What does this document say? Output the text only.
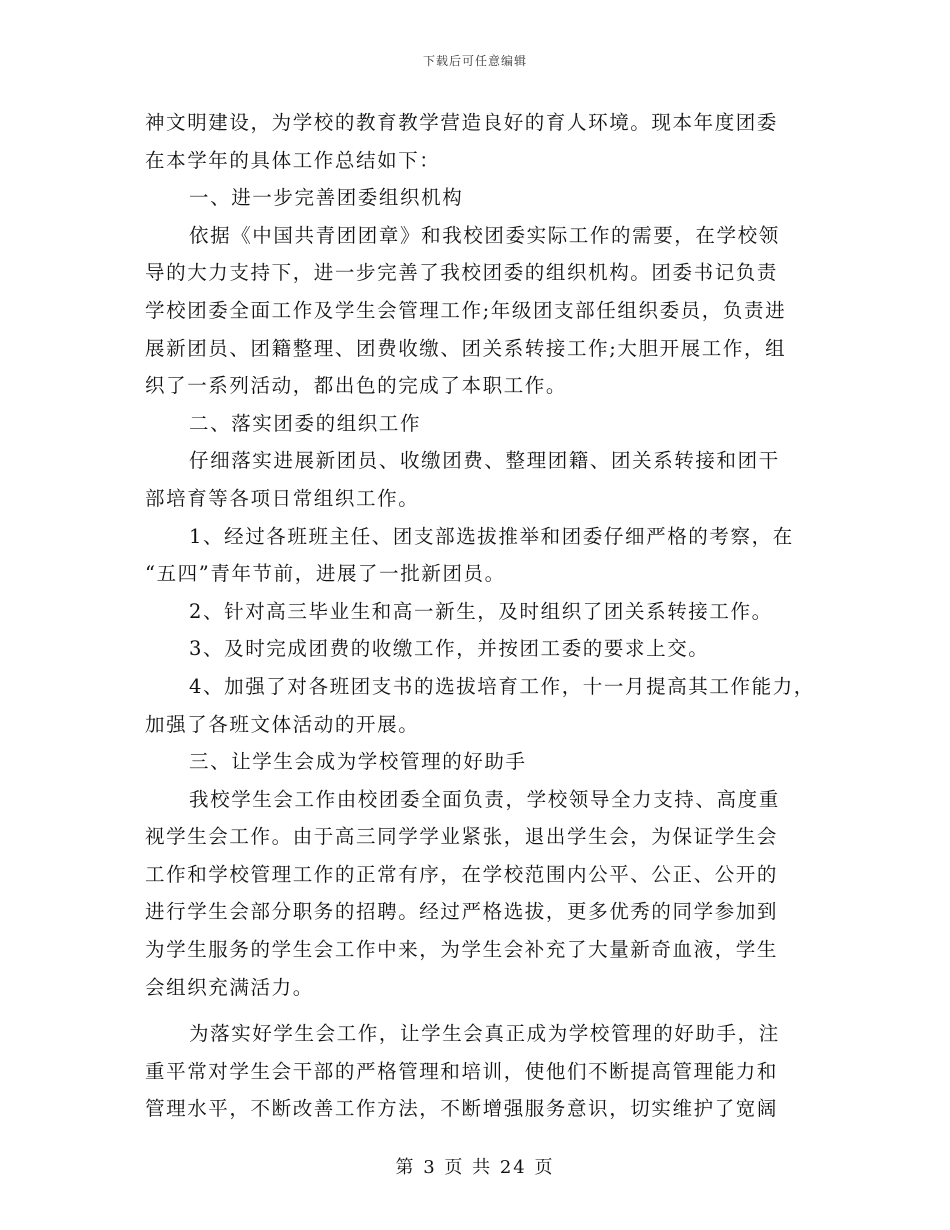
下载后可任意编辑
神文明建设，为学校的教育教学营造良好的育人环境。现本年度团委
在本学年的具体工作总结如下：
一、进一步完善团委组织机构
依据《中国共青团团章》和我校团委实际工作的需要，在学校领
导的大力支持下，进一步完善了我校团委的组织机构。团委书记负责
学校团委全面工作及学生会管理工作;年级团支部任组织委员，负责进
展新团员、团籍整理、团费收缴、团关系转接工作;大胆开展工作，组
织了一系列活动，都出色的完成了本职工作。
二、落实团委的组织工作
仔细落实进展新团员、收缴团费、整理团籍、团关系转接和团干
部培育等各项日常组织工作。
1、经过各班班主任、团支部选拔推举和团委仔细严格的考察，在
“五四”青年节前，进展了一批新团员。
2、针对高三毕业生和高一新生，及时组织了团关系转接工作。
3、及时完成团费的收缴工作，并按团工委的要求上交。
4、加强了对各班团支书的选拔培育工作，十一月提高其工作能力，
加强了各班文体活动的开展。
三、让学生会成为学校管理的好助手
我校学生会工作由校团委全面负责，学校领导全力支持、高度重
视学生会工作。由于高三同学学业紧张，退出学生会，为保证学生会
工作和学校管理工作的正常有序，在学校范围内公平、公正、公开的
进行学生会部分职务的招聘。经过严格选拔，更多优秀的同学参加到
为学生服务的学生会工作中来，为学生会补充了大量新奇血液，学生
会组织充满活力。
为落实好学生会工作，让学生会真正成为学校管理的好助手，注
重平常对学生会干部的严格管理和培训，使他们不断提高管理能力和
管理水平，不断改善工作方法，不断增强服务意识，切实维护了宽阔
第 3 页 共 24 页
